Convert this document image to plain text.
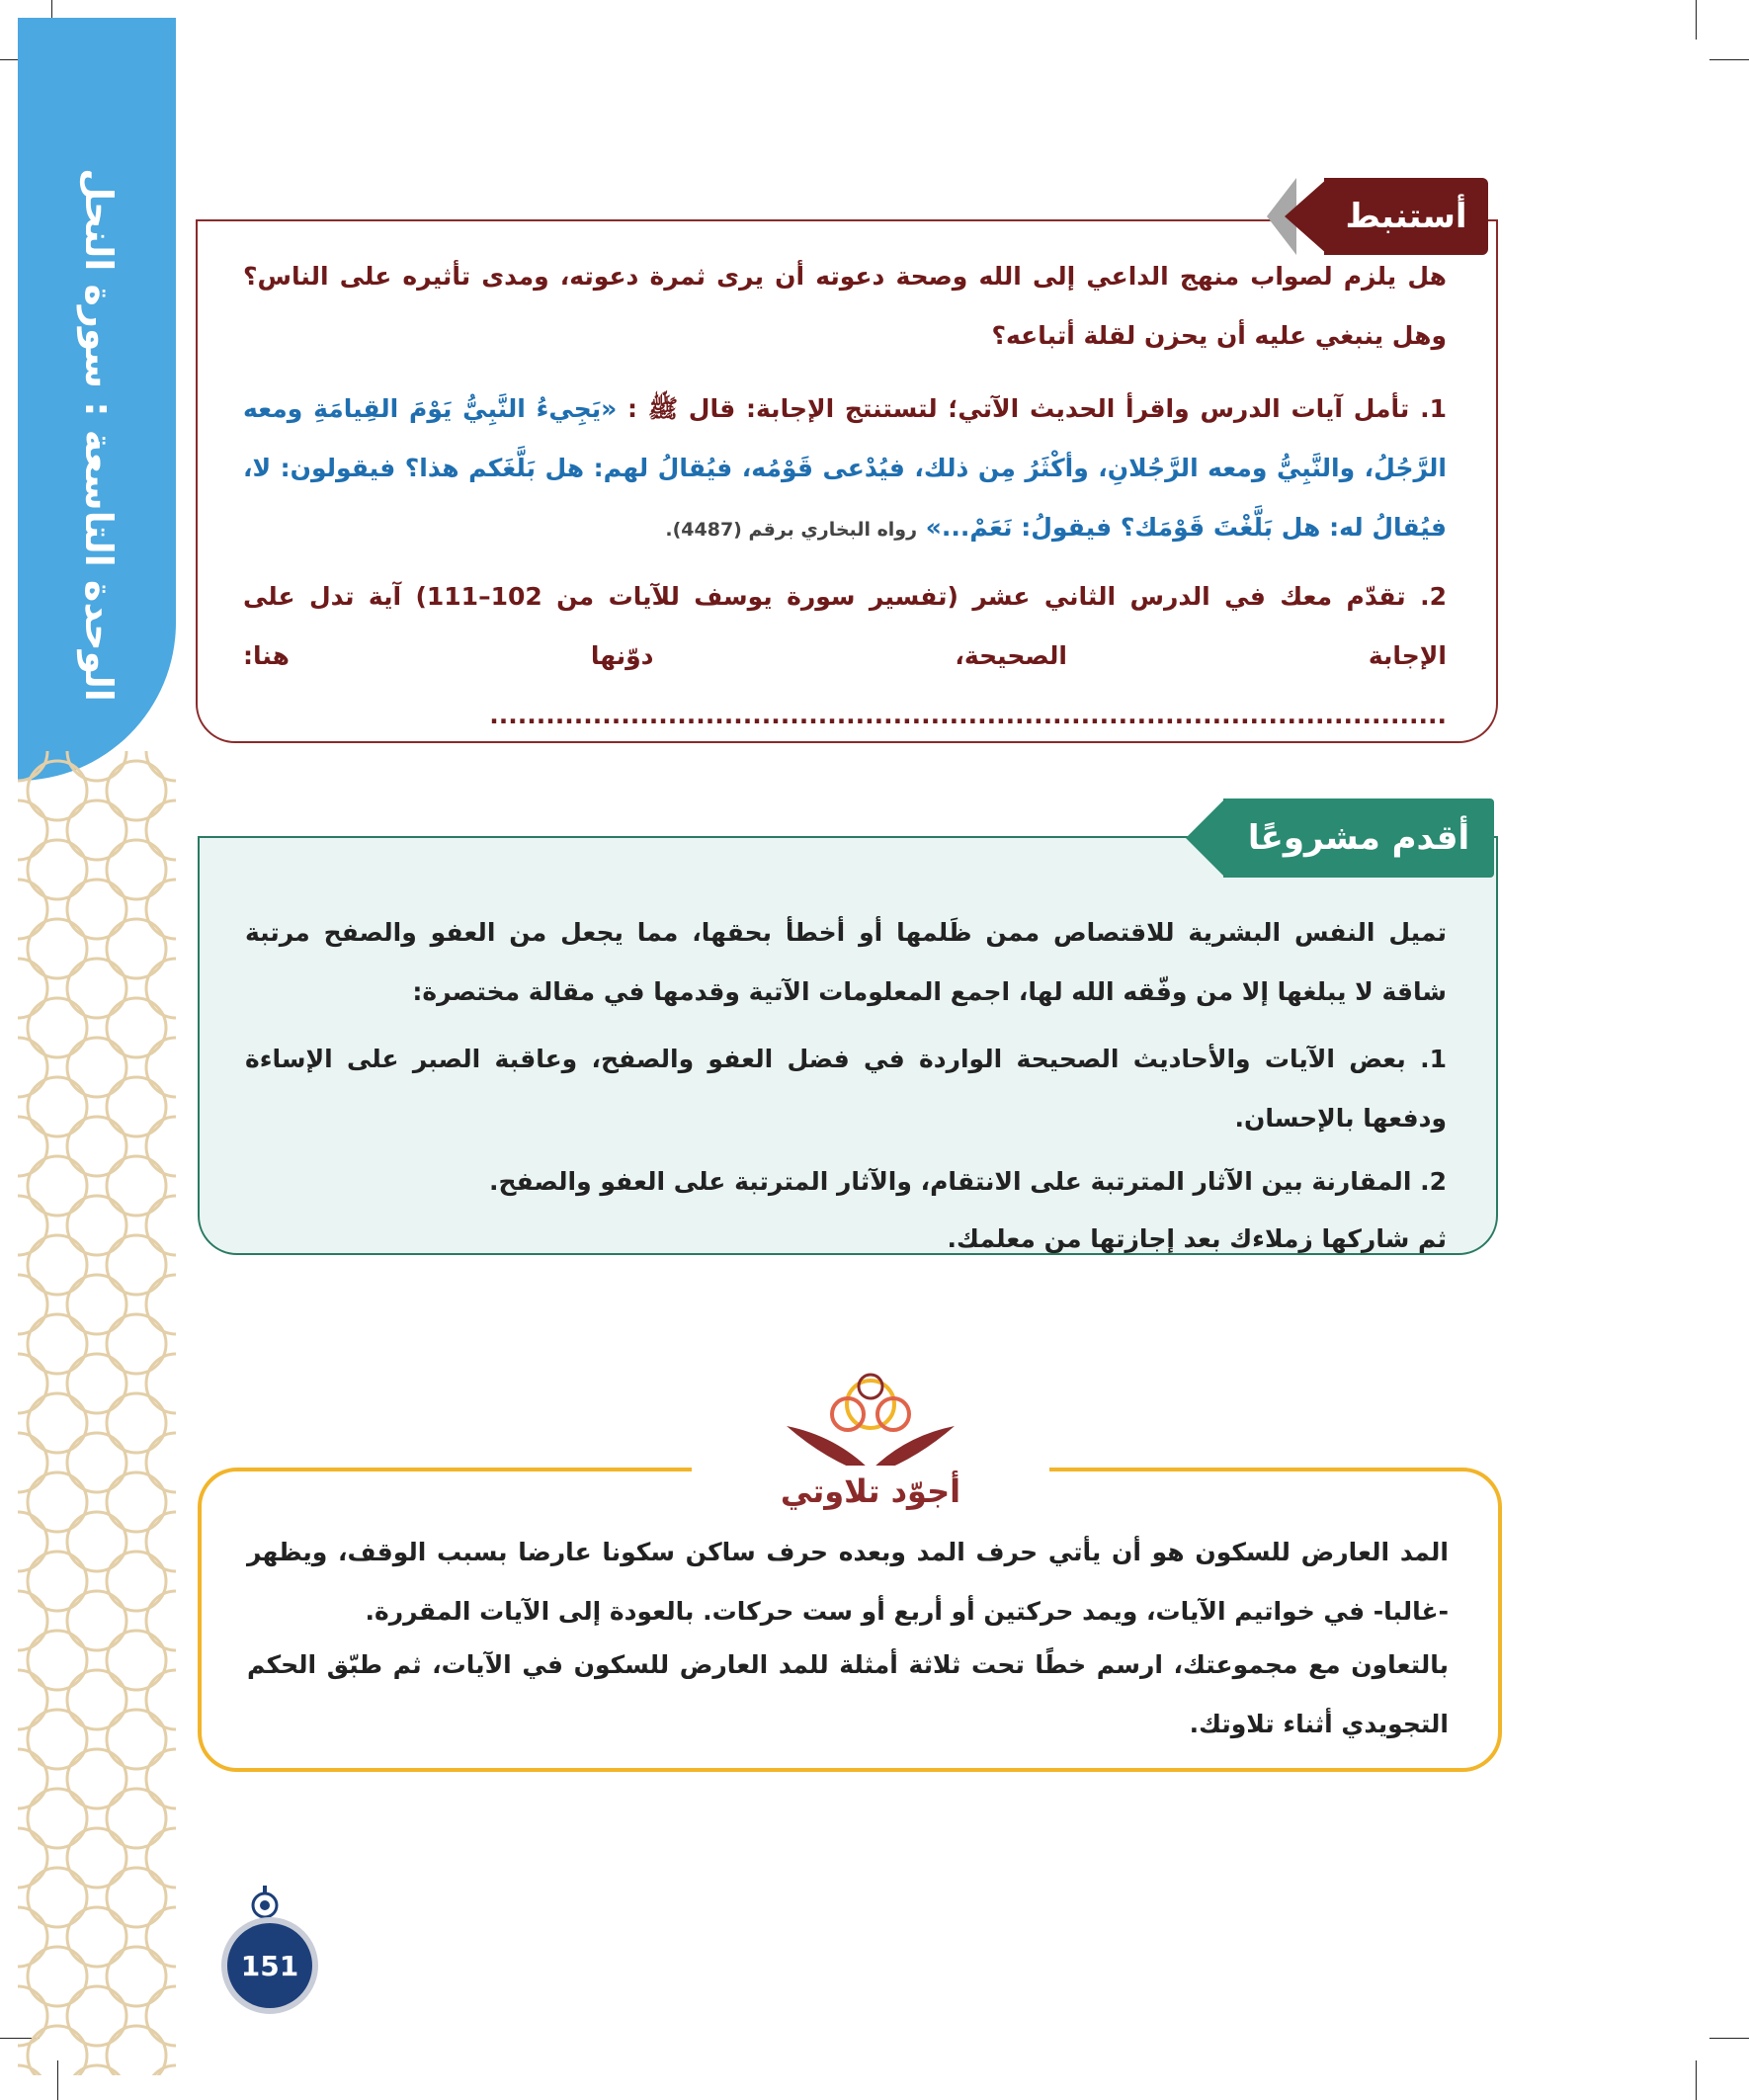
الوحدة التاسعة : سورة النحل	هل يلزم لصواب منهج الداعي إلى الله وصحة دعوته أن يرى ثمرة دعوته، ومدى تأثيره على الناس؟ وهل ينبغي عليه أن يحزن لقلة أتباعه؟

1. تأمل آيات الدرس واقرأ الحديث الآتي؛ لتستنتج الإجابة: قال ﷺ : «يَجِيءُ النَّبِيُّ يَوْمَ القِيامَةِ ومعه الرَّجُلُ، والنَّبِيُّ ومعه الرَّجُلانِ، وأكْثَرُ مِن ذلك، فيُدْعى قَوْمُه، فيُقالُ لهم: هل بَلَّغَكم هذا؟ فيقولون: لا، فيُقالُ له: هل بَلَّغْتَ قَوْمَك؟ فيقولُ: نَعَمْ...» رواه البخاري برقم (4487).

2. تقدّم معك في الدرس الثاني عشر (تفسير سورة يوسف للآيات من 102–111) آية تدل على الإجابة الصحيحة، دوّنها هنا: ......................................................................................................

أستنبط

تميل النفس البشرية للاقتصاص ممن ظَلمها أو أخطأ بحقها، مما يجعل من العفو والصفح مرتبة شاقة لا يبلغها إلا من وفّقه الله لها، اجمع المعلومات الآتية وقدمها في مقالة مختصرة:

1. بعض الآيات والأحاديث الصحيحة الواردة في فضل العفو والصفح، وعاقبة الصبر على الإساءة ودفعها بالإحسان.

2. المقارنة بين الآثار المترتبة على الانتقام، والآثار المترتبة على العفو والصفح.

ثم شاركها زملاءك بعد إجازتها من معلمك.

أقدم مشروعًا

المد العارض للسكون هو أن يأتي حرف المد وبعده حرف ساكن سكونا عارضا بسبب الوقف، ويظهر -غالبا- في خواتيم الآيات، ويمد حركتين أو أربع أو ست حركات. بالعودة إلى الآيات المقررة.

بالتعاون مع مجموعتك، ارسم خطًا تحت ثلاثة أمثلة للمد العارض للسكون في الآيات، ثم طبّق الحكم التجويدي أثناء تلاوتك.

أجوّد تلاوتي
151
